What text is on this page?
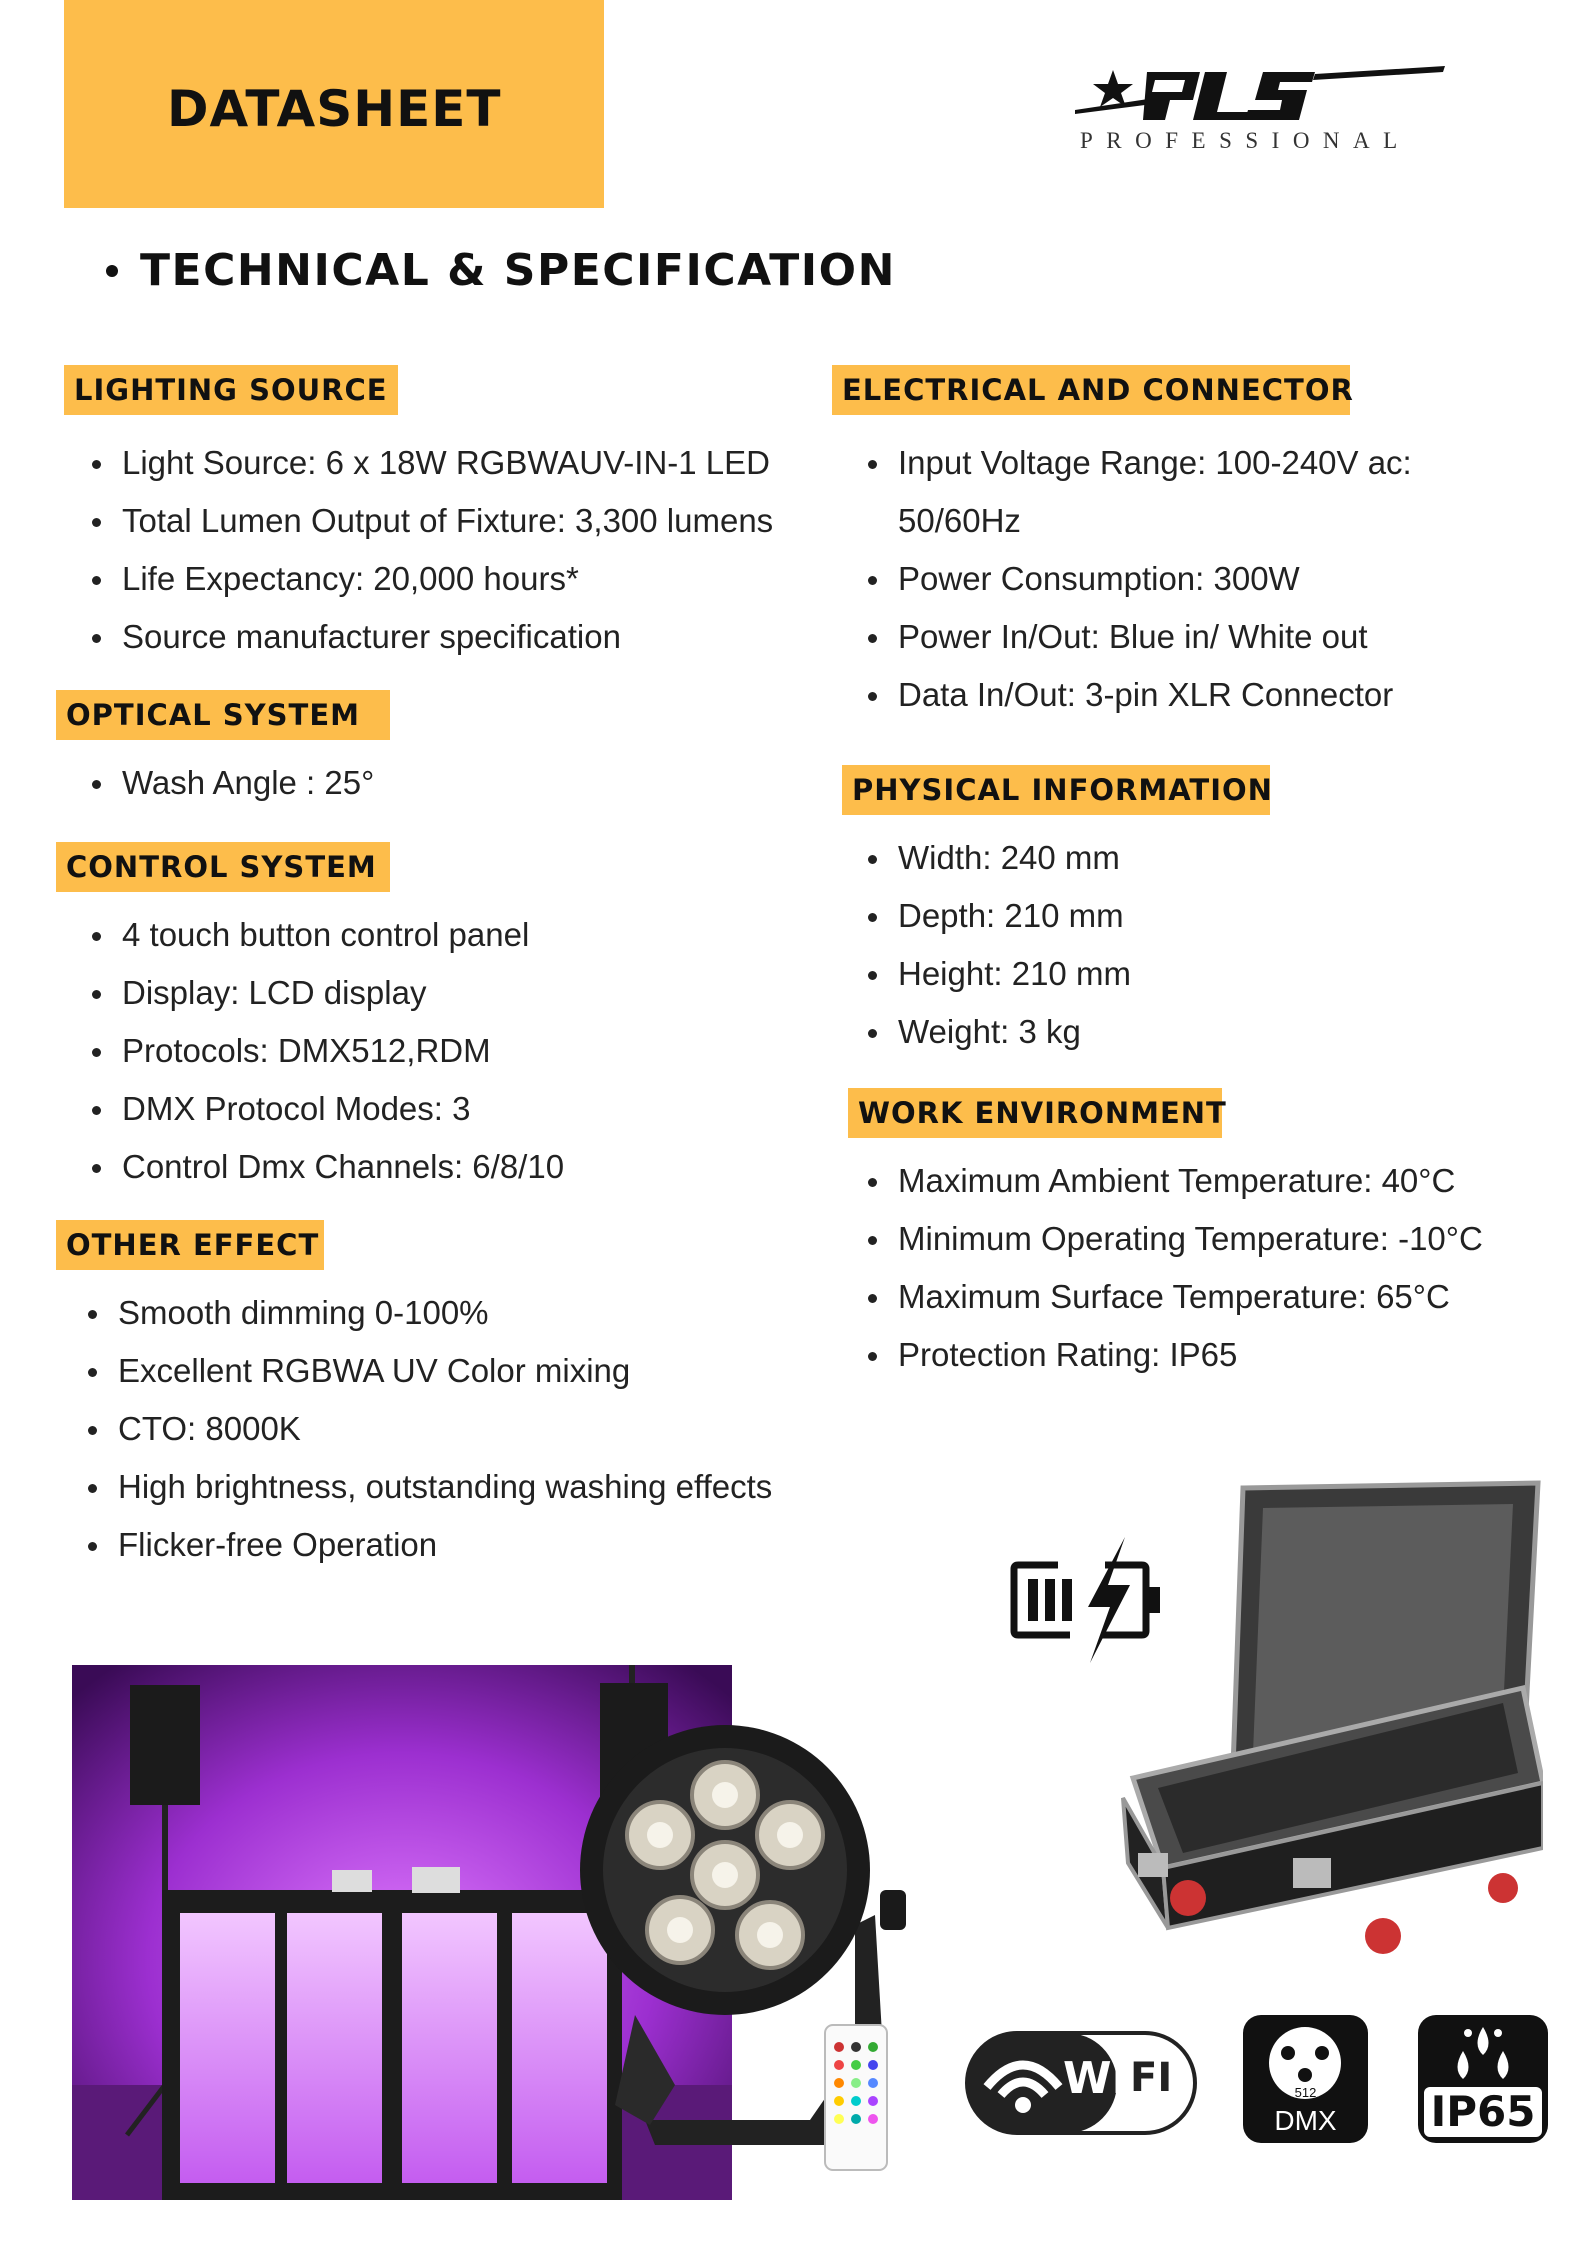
DATASHEET
PROFESSIONAL
TECHNICAL & SPECIFICATION
LIGHTING SOURCE
Light Source: 6 x 18W RGBWAUV-IN-1 LED
Total Lumen Output of Fixture: 3,300 lumens
Life Expectancy: 20,000 hours*
Source manufacturer specification
OPTICAL SYSTEM
Wash Angle : 25°
CONTROL SYSTEM
4 touch button control panel
Display: LCD display
Protocols: DMX512,RDM
DMX Protocol Modes: 3
Control Dmx Channels: 6/8/10
OTHER EFFECT
Smooth dimming 0-100%
Excellent RGBWA UV Color mixing
CTO: 8000K
High brightness, outstanding washing effects
Flicker-free Operation
ELECTRICAL AND CONNECTOR
Input Voltage Range: 100-240V ac:
50/60Hz
Power Consumption: 300W
Power In/Out: Blue in/ White out
Data In/Out: 3-pin XLR Connector
PHYSICAL INFORMATION
Width: 240 mm
Depth: 210 mm
Height: 210 mm
Weight: 3 kg
WORK ENVIRONMENT
Maximum Ambient Temperature: 40°C
Minimum Operating Temperature: -10°C
Maximum Surface Temperature: 65°C
Protection Rating: IP65
WI FI	512
DMX	IP65
